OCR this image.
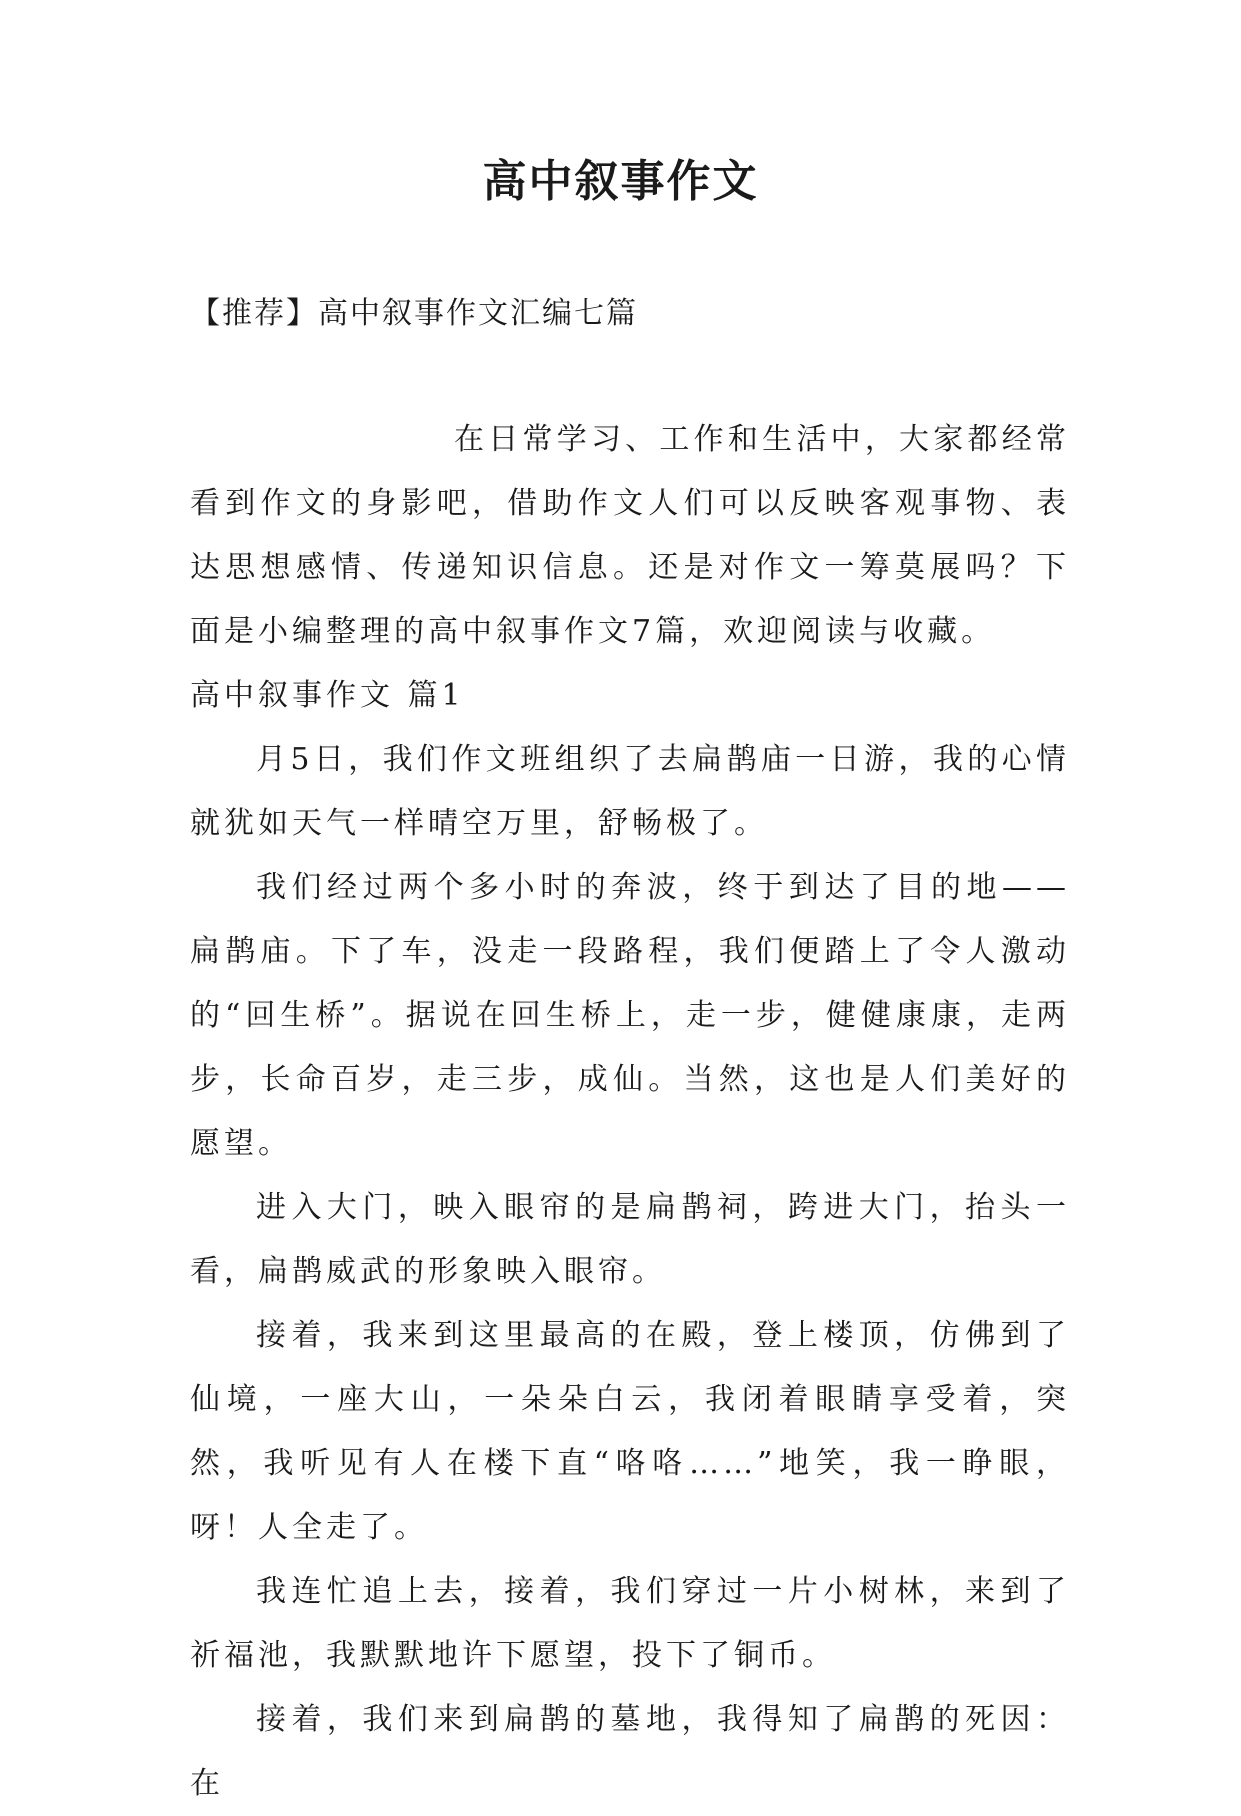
高中叙事作文
【推荐】高中叙事作文汇编七篇

在日常学习、工作和生活中，大家都经常看到作文的身影吧，借助作文人们可以反映客观事物、表达思想感情、传递知识信息。还是对作文一筹莫展吗？下面是小编整理的高中叙事作文7篇，欢迎阅读与收藏。

高中叙事作文 篇1

月5日，我们作文班组织了去扁鹊庙一日游，我的心情就犹如天气一样晴空万里，舒畅极了。

我们经过两个多小时的奔波，终于到达了目的地——扁鹊庙。下了车，没走一段路程，我们便踏上了令人激动的“回生桥”。据说在回生桥上，走一步，健健康康，走两步，长命百岁，走三步，成仙。当然，这也是人们美好的愿望。

进入大门，映入眼帘的是扁鹊祠，跨进大门，抬头一看，扁鹊威武的形象映入眼帘。

接着，我来到这里最高的在殿，登上楼顶，仿佛到了仙境，一座大山，一朵朵白云，我闭着眼睛享受着，突然，我听见有人在楼下直“咯咯……”地笑，我一睁眼，呀！人全走了。

我连忙追上去，接着，我们穿过一片小树林，来到了祈福池，我默默地许下愿望，投下了铜币。

接着，我们来到扁鹊的墓地，我得知了扁鹊的死因：在
